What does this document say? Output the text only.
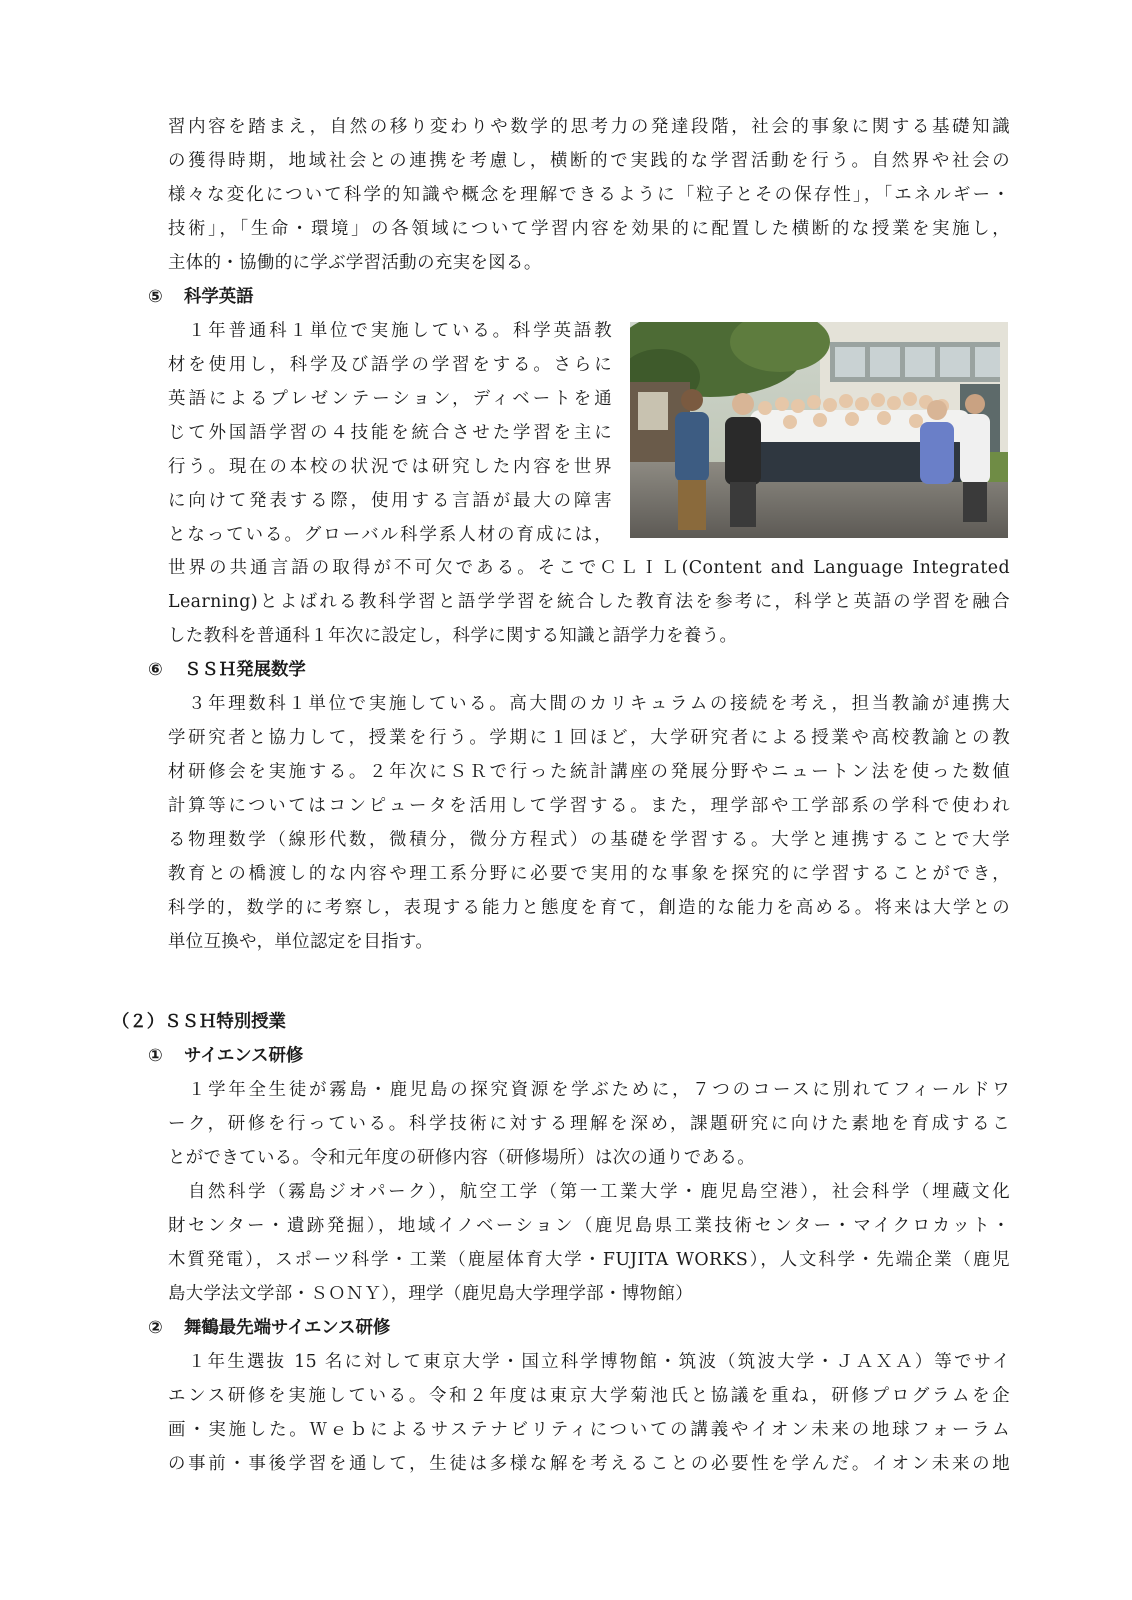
習内容を踏まえ，自然の移り変わりや数学的思考力の発達段階，社会的事象に関する基礎知識
の獲得時期，地域社会との連携を考慮し，横断的で実践的な学習活動を行う。自然界や社会の
様々な変化について科学的知識や概念を理解できるように「粒子とその保存性」，「エネルギー・
技術」，「生命・環境」の各領域について学習内容を効果的に配置した横断的な授業を実施し，
主体的・協働的に学ぶ学習活動の充実を図る。
⑤ 科学英語
１年普通科１単位で実施している。科学英語教
材を使用し，科学及び語学の学習をする。さらに
英語によるプレゼンテーション，ディベートを通
じて外国語学習の４技能を統合させた学習を主に
行う。現在の本校の状況では研究した内容を世界
に向けて発表する際，使用する言語が最大の障害
となっている。グローバル科学系人材の育成には，
世界の共通言語の取得が不可欠である。そこでＣＬＩＬ(Content and Language Integrated
Learning)とよばれる教科学習と語学学習を統合した教育法を参考に，科学と英語の学習を融合
した教科を普通科１年次に設定し，科学に関する知識と語学力を養う。
⑥ ＳＳＨ発展数学
３年理数科１単位で実施している。高大間のカリキュラムの接続を考え，担当教諭が連携大
学研究者と協力して，授業を行う。学期に１回ほど，大学研究者による授業や高校教諭との教
材研修会を実施する。２年次にＳＲで行った統計講座の発展分野やニュートン法を使った数値
計算等についてはコンピュータを活用して学習する。また，理学部や工学部系の学科で使われ
る物理数学（線形代数，微積分，微分方程式）の基礎を学習する。大学と連携することで大学
教育との橋渡し的な内容や理工系分野に必要で実用的な事象を探究的に学習することができ，
科学的，数学的に考察し，表現する能力と態度を育て，創造的な能力を高める。将来は大学との
単位互換や，単位認定を目指す。
（２）ＳＳＨ特別授業
① サイエンス研修
１学年全生徒が霧島・鹿児島の探究資源を学ぶために，７つのコースに別れてフィールドワ
ーク，研修を行っている。科学技術に対する理解を深め，課題研究に向けた素地を育成するこ
とができている。令和元年度の研修内容（研修場所）は次の通りである。
自然科学（霧島ジオパーク），航空工学（第一工業大学・鹿児島空港），社会科学（埋蔵文化
財センター・遺跡発掘），地域イノベーション（鹿児島県工業技術センター・マイクロカット・
木質発電），スポーツ科学・工業（鹿屋体育大学・FUJITA WORKS），人文科学・先端企業（鹿児
島大学法文学部・ＳＯＮＹ），理学（鹿児島大学理学部・博物館）
② 舞鶴最先端サイエンス研修
１年生選抜 15 名に対して東京大学・国立科学博物館・筑波（筑波大学・ＪＡＸＡ）等でサイ
エンス研修を実施している。令和２年度は東京大学菊池氏と協議を重ね，研修プログラムを企
画・実施した。Ｗｅｂによるサステナビリティについての講義やイオン未来の地球フォーラム
の事前・事後学習を通して，生徒は多様な解を考えることの必要性を学んだ。イオン未来の地
